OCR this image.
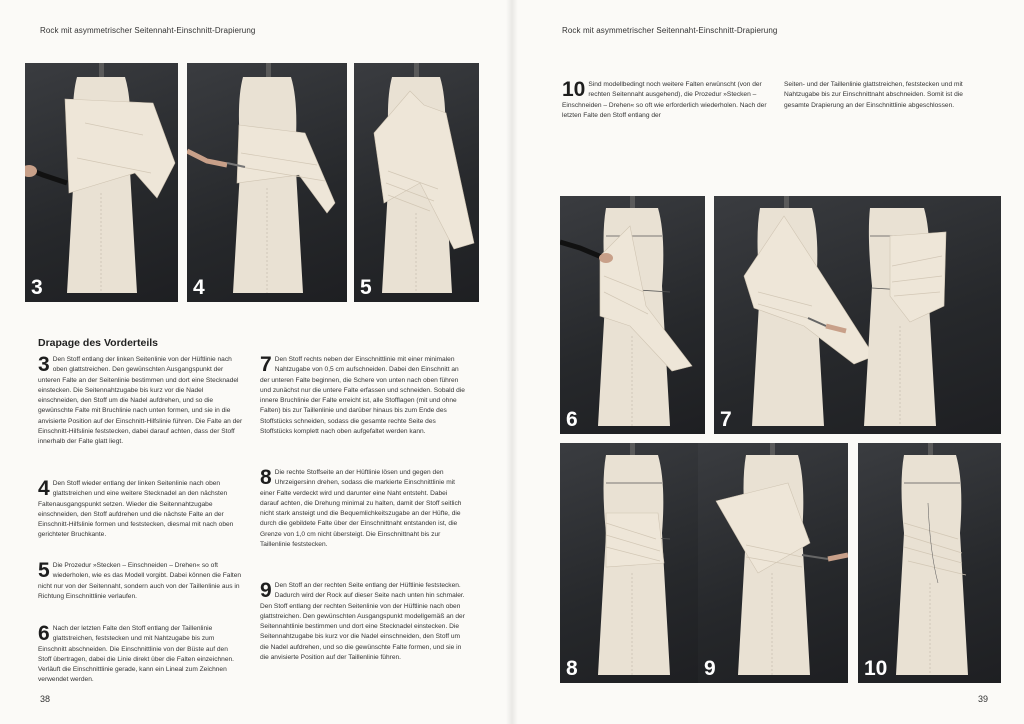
Rock mit asymmetrischer Seitennaht-Einschnitt-Drapierung
3	4	5
Drapage des Vorderteils
3 Den Stoff entlang der linken Seitenlinie von der Hüftlinie nach oben glattstreichen. Den gewünschten Ausgangspunkt der unteren Falte an der Seitenlinie bestimmen und dort eine Stecknadel einstecken. Die Seitennahtzugabe bis kurz vor die Nadel einschneiden, den Stoff um die Nadel aufdrehen, und so die gewünschte Falte mit Bruchlinie nach unten formen, und sie in die anvisierte Position auf der Einschnitt-Hilfslinie führen. Die Falte an der Einschnitt-Hilfslinie feststecken, dabei darauf achten, dass der Stoff innerhalb der Falte glatt liegt.
4 Den Stoff wieder entlang der linken Seitenlinie nach oben glattstreichen und eine weitere Stecknadel an den nächsten Faltenausgangspunkt setzen. Wieder die Seitennahtzugabe einschneiden, den Stoff aufdrehen und die nächste Falte an der Einschnitt-Hilfslinie formen und feststecken, diesmal mit nach oben gerichteter Bruchkante.
5 Die Prozedur »Stecken – Einschneiden – Drehen« so oft wiederholen, wie es das Modell vorgibt. Dabei können die Falten nicht nur von der Seitennaht, sondern auch von der Taillenlinie aus in Richtung Einschnittlinie verlaufen.
6 Nach der letzten Falte den Stoff entlang der Taillenlinie glattstreichen, feststecken und mit Nahtzugabe bis zum Einschnitt abschneiden. Die Einschnittlinie von der Büste auf den Stoff übertragen, dabei die Linie direkt über die Falten einzeichnen. Verläuft die Einschnittlinie gerade, kann ein Lineal zum Zeichnen verwendet werden.
7 Den Stoff rechts neben der Einschnittlinie mit einer minimalen Nahtzugabe von 0,5 cm aufschneiden. Dabei den Einschnitt an der unteren Falte beginnen, die Schere von unten nach oben führen und zunächst nur die untere Falte erfassen und schneiden. Sobald die innere Bruchlinie der Falte erreicht ist, alle Stofflagen (mit und ohne Falten) bis zur Taillenlinie und darüber hinaus bis zum Ende des Stoffstücks schneiden, sodass die gesamte rechte Seite des Stoffstücks komplett nach oben aufgefaltet werden kann.
8 Die rechte Stoffseite an der Hüftlinie lösen und gegen den Uhrzeigersinn drehen, sodass die markierte Einschnittlinie mit einer Falte verdeckt wird und darunter eine Naht entsteht. Dabei darauf achten, die Drehung minimal zu halten, damit der Stoff seitlich nicht stark ansteigt und die Bequemlichkeitszugabe an der Hüfte, die durch die gebildete Falte über der Einschnittnaht entstanden ist, die Grenze von 1,0 cm nicht übersteigt. Die Einschnittnaht bis zur Taillenlinie feststecken.
9 Den Stoff an der rechten Seite entlang der Hüftlinie feststecken. Dadurch wird der Rock auf dieser Seite nach unten hin schmaler. Den Stoff entlang der rechten Seitenlinie von der Hüftlinie nach oben glattstreichen. Den gewünschten Ausgangspunkt modellgemäß an der Seitennahtlinie bestimmen und dort eine Stecknadel einstecken. Die Seitennahtzugabe bis kurz vor die Nadel einschneiden, den Stoff um die Nadel aufdrehen, und so die gewünschte Falte formen, und sie in die anvisierte Position auf der Taillenlinie führen.
38
Rock mit asymmetrischer Seitennaht-Einschnitt-Drapierung
10 Sind modellbedingt noch weitere Falten erwünscht (von der rechten Seitennaht ausgehend), die Prozedur »Stecken – Einschneiden – Drehen« so oft wie erforderlich wiederholen. Nach der letzten Falte den Stoff entlang der
Seiten- und der Taillenlinie glattstreichen, feststecken und mit Nahtzugabe bis zur Einschnittnaht abschneiden. Somit ist die gesamte Drapierung an der Einschnittlinie abgeschlossen.
6	7
8	9	10
39
